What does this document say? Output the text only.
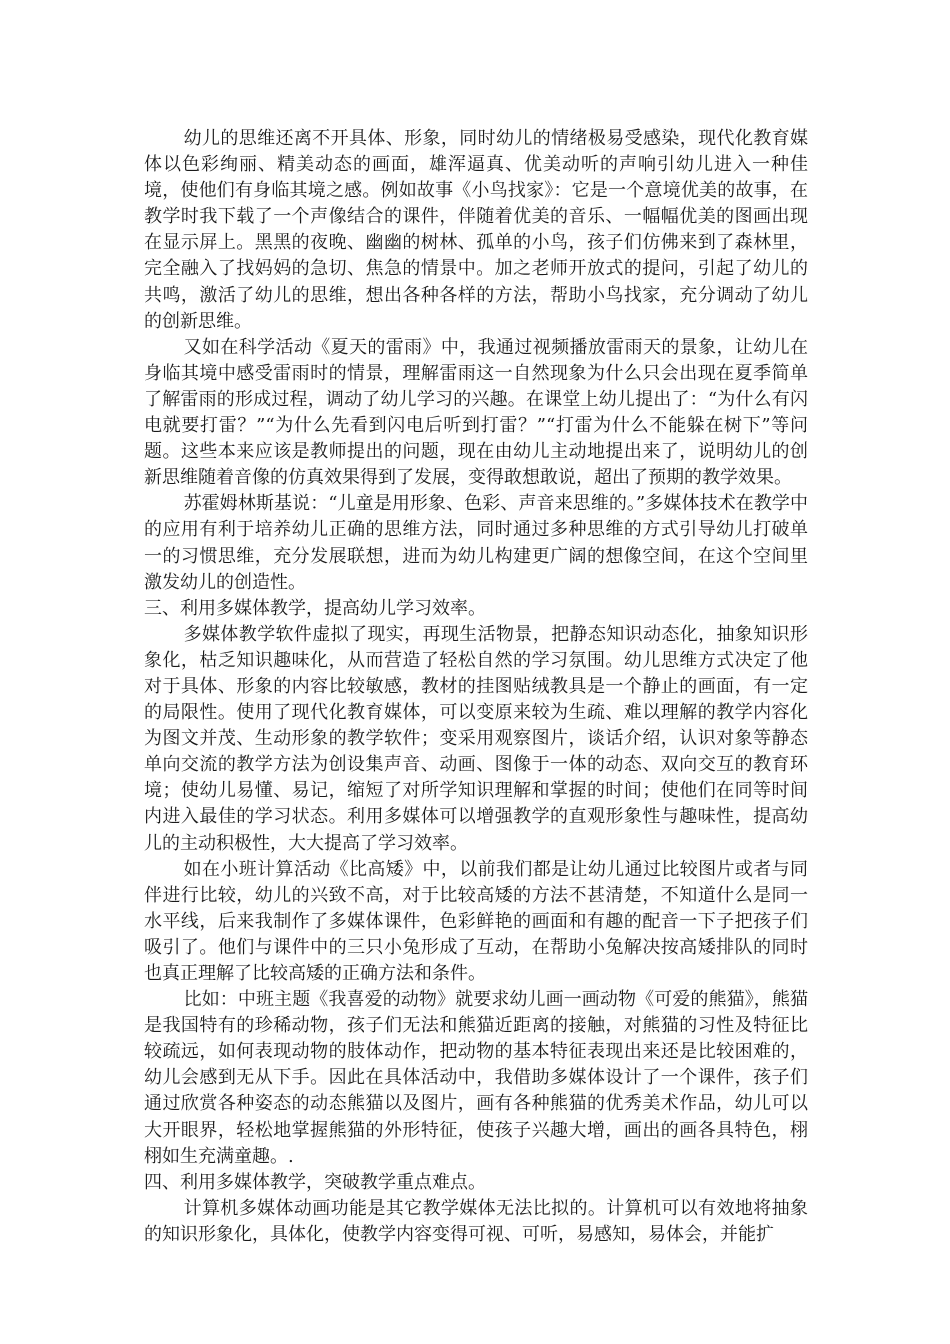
幼儿的思维还离不开具体、形象，同时幼儿的情绪极易受感染，现代化教育媒体以色彩绚丽、精美动态的画面，雄浑逼真、优美动听的声响引幼儿进入一种佳境，使他们有身临其境之感。例如故事《小鸟找家》：它是一个意境优美的故事，在教学时我下载了一个声像结合的课件，伴随着优美的音乐、一幅幅优美的图画出现在显示屏上。黑黑的夜晚、幽幽的树林、孤单的小鸟，孩子们仿佛来到了森林里，完全融入了找妈妈的急切、焦急的情景中。加之老师开放式的提问，引起了幼儿的共鸣，激活了幼儿的思维，想出各种各样的方法，帮助小鸟找家，充分调动了幼儿的创新思维。

又如在科学活动《夏天的雷雨》中，我通过视频播放雷雨天的景象，让幼儿在身临其境中感受雷雨时的情景，理解雷雨这一自然现象为什么只会出现在夏季简单了解雷雨的形成过程，调动了幼儿学习的兴趣。在课堂上幼儿提出了：“为什么有闪电就要打雷？”“为什么先看到闪电后听到打雷？”“打雷为什么不能躲在树下”等问题。这些本来应该是教师提出的问题，现在由幼儿主动地提出来了，说明幼儿的创新思维随着音像的仿真效果得到了发展，变得敢想敢说，超出了预期的教学效果。

苏霍姆林斯基说：“儿童是用形象、色彩、声音来思维的。”多媒体技术在教学中的应用有利于培养幼儿正确的思维方法，同时通过多种思维的方式引导幼儿打破单一的习惯思维，充分发展联想，进而为幼儿构建更广阔的想像空间，在这个空间里激发幼儿的创造性。

三、利用多媒体教学，提高幼儿学习效率。

多媒体教学软件虚拟了现实，再现生活物景，把静态知识动态化，抽象知识形象化，枯乏知识趣味化，从而营造了轻松自然的学习氛围。幼儿思维方式决定了他对于具体、形象的内容比较敏感，教材的挂图贴绒教具是一个静止的画面，有一定的局限性。使用了现代化教育媒体，可以变原来较为生疏、难以理解的教学内容化为图文并茂、生动形象的教学软件；变采用观察图片，谈话介绍，认识对象等静态单向交流的教学方法为创设集声音、动画、图像于一体的动态、双向交互的教育环境；使幼儿易懂、易记，缩短了对所学知识理解和掌握的时间；使他们在同等时间内进入最佳的学习状态。利用多媒体可以增强教学的直观形象性与趣味性，提高幼儿的主动积极性，大大提高了学习效率。

如在小班计算活动《比高矮》中，以前我们都是让幼儿通过比较图片或者与同伴进行比较，幼儿的兴致不高，对于比较高矮的方法不甚清楚，不知道什么是同一水平线，后来我制作了多媒体课件，色彩鲜艳的画面和有趣的配音一下子把孩子们吸引了。他们与课件中的三只小兔形成了互动，在帮助小兔解决按高矮排队的同时也真正理解了比较高矮的正确方法和条件。

比如：中班主题《我喜爱的动物》就要求幼儿画一画动物《可爱的熊猫》，熊猫是我国特有的珍稀动物，孩子们无法和熊猫近距离的接触，对熊猫的习性及特征比较疏远，如何表现动物的肢体动作，把动物的基本特征表现出来还是比较困难的，幼儿会感到无从下手。因此在具体活动中，我借助多媒体设计了一个课件，孩子们通过欣赏各种姿态的动态熊猫以及图片，画有各种熊猫的优秀美术作品，幼儿可以大开眼界，轻松地掌握熊猫的外形特征，使孩子兴趣大增，画出的画各具特色，栩栩如生充满童趣。.

四、利用多媒体教学，突破教学重点难点。

计算机多媒体动画功能是其它教学媒体无法比拟的。计算机可以有效地将抽象的知识形象化，具体化，使教学内容变得可视、可听，易感知，易体会，并能扩
